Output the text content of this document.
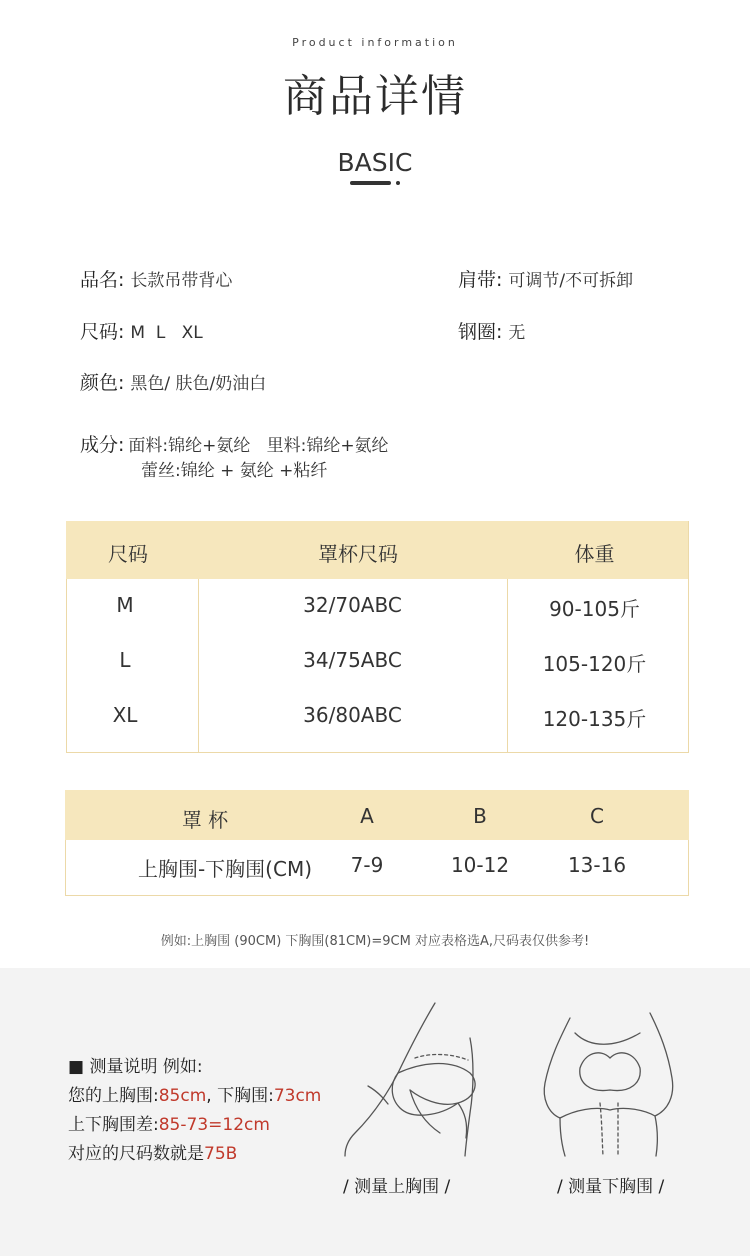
Product information
商品详情
BASIC
品名: 长款吊带背心	肩带: 可调节/不可拆卸
尺码: M  L   XL	钢圈: 无
颜色: 黑色/ 肤色/奶油白
成分: 面料:锦纶+氨纶   里料:锦纶+氨纶
蕾丝:锦纶 + 氨纶 +粘纤
尺码	罩杯尺码	体重
M	32/70ABC	90-105斤
L	34/75ABC	105-120斤
XL	36/80ABC	120-135斤
罩 杯	A	B	C
上胸围-下胸围(CM)	7-9	10-12	13-16
例如:上胸围 (90CM) 下胸围(81CM)=9CM 对应表格选A,尺码表仅供参考!
■ 测量说明 例如:
您的上胸围:85cm, 下胸围:73cm
上下胸围差:85-73=12cm
对应的尺码数就是75B
/ 测量上胸围 /	/ 测量下胸围 /
